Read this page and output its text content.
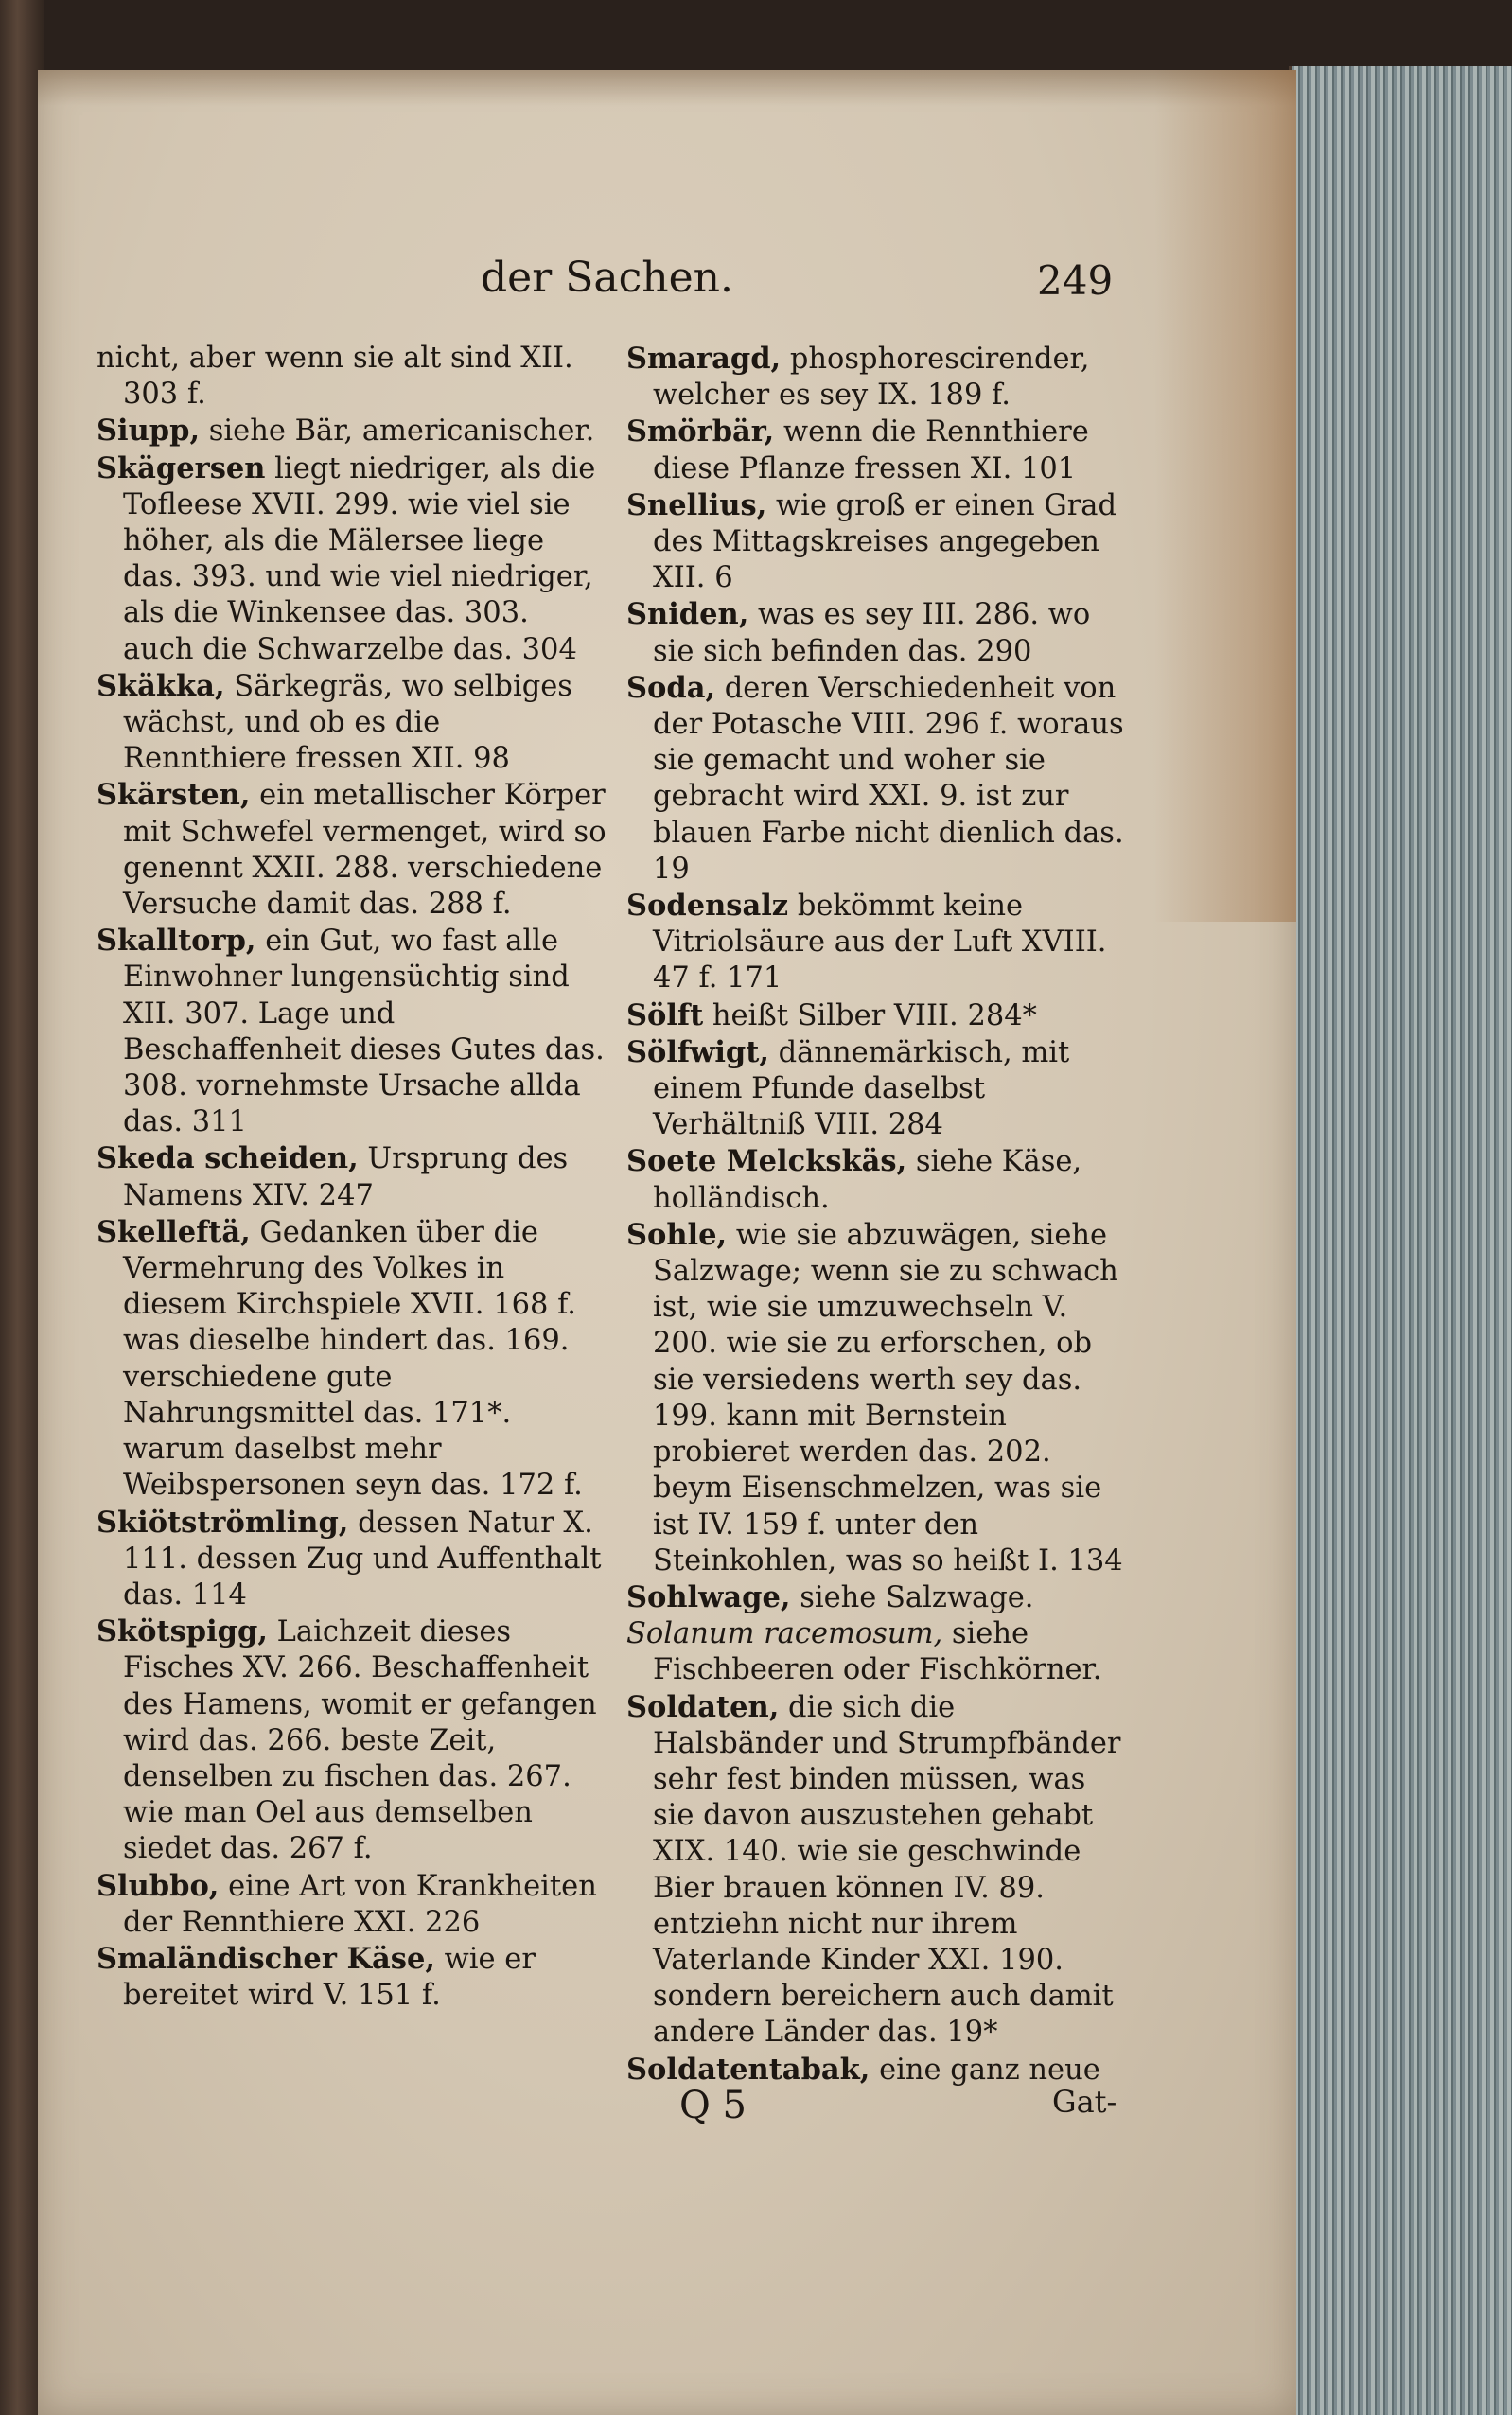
der Sachen.	249

nicht, aber wenn sie alt sind XII. 303 f.

Siupp, siehe Bär, americanischer.

Skägersen liegt niedriger, als die Tofleese XVII. 299. wie viel sie höher, als die Mälersee liege das. 393. und wie viel niedriger, als die Winkensee das. 303. auch die Schwarzelbe das. 304

Skäkka, Särkegräs, wo selbiges wächst, und ob es die Rennthiere fressen XII. 98

Skärsten, ein metallischer Körper mit Schwefel vermenget, wird so genennt XXII. 288. verschiedene Versuche damit das. 288 f.

Skalltorp, ein Gut, wo fast alle Einwohner lungensüchtig sind XII. 307. Lage und Beschaffenheit dieses Gutes das. 308. vornehmste Ursache allda das. 311

Skeda scheiden, Ursprung des Namens XIV. 247

Skelleftä, Gedanken über die Vermehrung des Volkes in diesem Kirchspiele XVII. 168 f. was dieselbe hindert das. 169. verschiedene gute Nahrungsmittel das. 171*. warum daselbst mehr Weibspersonen seyn das. 172 f.

Skiötströmling, dessen Natur X. 111. dessen Zug und Auffenthalt das. 114

Skötspigg, Laichzeit dieses Fisches XV. 266. Beschaffenheit des Hamens, womit er gefangen wird das. 266. beste Zeit, denselben zu fischen das. 267. wie man Oel aus demselben siedet das. 267 f.

Slubbo, eine Art von Krankheiten der Rennthiere XXI. 226

Smaländischer Käse, wie er bereitet wird V. 151 f.

Smaragd, phosphorescirender, welcher es sey IX. 189 f.

Smörbär, wenn die Rennthiere diese Pflanze fressen XI. 101

Snellius, wie groß er einen Grad des Mittagskreises angegeben XII. 6

Sniden, was es sey III. 286. wo sie sich befinden das. 290

Soda, deren Verschiedenheit von der Potasche VIII. 296 f. woraus sie gemacht und woher sie gebracht wird XXI. 9. ist zur blauen Farbe nicht dienlich das. 19

Sodensalz bekömmt keine Vitriolsäure aus der Luft XVIII. 47 f. 171

Sölft heißt Silber VIII. 284*

Sölfwigt, dännemärkisch, mit einem Pfunde daselbst Verhältniß VIII. 284

Soete Melckskäs, siehe Käse, holländisch.

Sohle, wie sie abzuwägen, siehe Salzwage; wenn sie zu schwach ist, wie sie umzuwechseln V. 200. wie sie zu erforschen, ob sie versiedens werth sey das. 199. kann mit Bernstein probieret werden das. 202. beym Eisenschmelzen, was sie ist IV. 159 f. unter den Steinkohlen, was so heißt I. 134

Sohlwage, siehe Salzwage.

Solanum racemosum, siehe Fischbeeren oder Fischkörner.

Soldaten, die sich die Halsbänder und Strumpfbänder sehr fest binden müssen, was sie davon auszustehen gehabt XIX. 140. wie sie geschwinde Bier brauen können IV. 89. entziehn nicht nur ihrem Vaterlande Kinder XXI. 190. sondern bereichern auch damit andere Länder das. 19*

Soldatentabak, eine ganz neue

Q 5	Gat-
